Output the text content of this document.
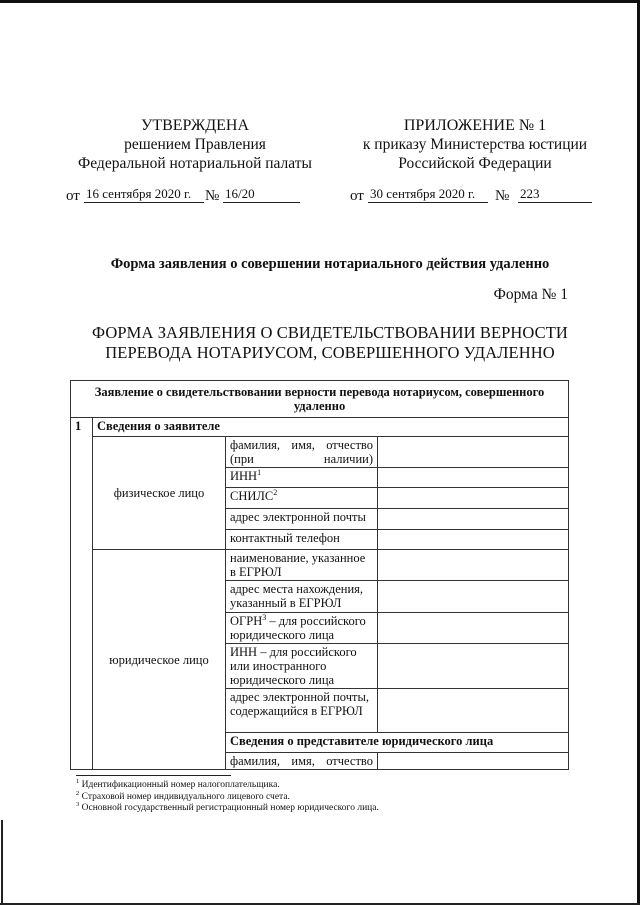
УТВЕРЖДЕНА
решением Правления
Федеральной нотариальной палаты
от 16 сентября 2020 г. № 16/20
ПРИЛОЖЕНИЕ № 1
к приказу Министерства юстиции
Российской Федерации
от 30 сентября 2020 г.	№ 223
Форма заявления о совершении нотариального действия удаленно
Форма № 1
ФОРМА ЗАЯВЛЕНИЯ О СВИДЕТЕЛЬСТВОВАНИИ ВЕРНОСТИ
ПЕРЕВОДА НОТАРИУСОМ, СОВЕРШЕННОГО УДАЛЕННО
Заявление о свидетельствовании верности перевода нотариусом, совершенного удаленно			
1	Сведения о заявителе		
	физическое лицо	фамилия, имя, отчество (при наличии)	
		ИНН$^1$	
		СНИЛС$^2$	
		адрес электронной почты	
		контактный телефон	
	юридическое лицо	наименование, указанное в ЕГРЮЛ	
		адрес места нахождения, указанный в ЕГРЮЛ	
		ОГРН$^3$ – для российского юридического лица	
		ИНН – для российского или иностранного юридического лица	
		адрес электронной почты, содержащийся в ЕГРЮЛ	
		Сведения о представителе юридического лица	
		фамилия, имя, отчество	
$^1$ Идентификационный номер налогоплательщика.
$^2$ Страховой номер индивидуального лицевого счета.
$^3$ Основной государственный регистрационный номер юридического лица.
